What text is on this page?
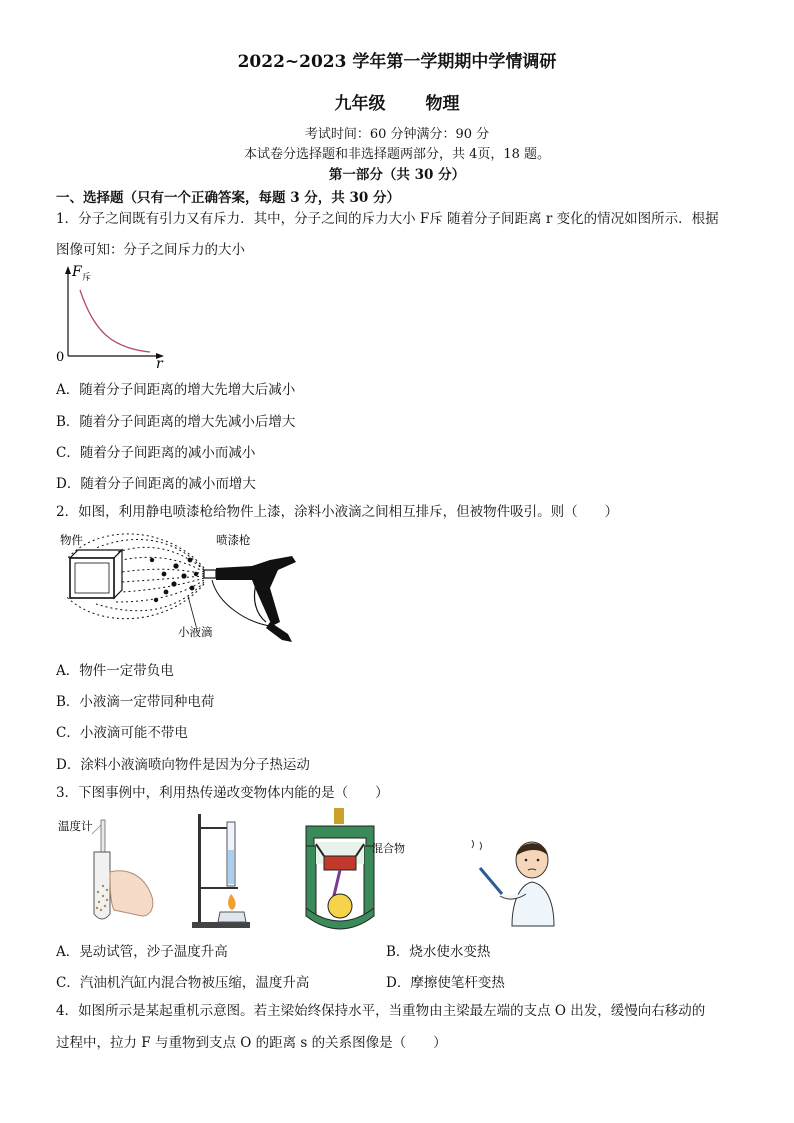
2022~2023 学年第一学期期中学情调研
九年级 物理
考试时间：60 分钟满分：90 分
本试卷分选择题和非选择题两部分，共 4页，18 题。
第一部分（共 30 分）
一、选择题（只有一个正确答案，每题 3 分，共 30 分）
1．分子之间既有引力又有斥力．其中，分子之间的斥力大小 F斥 随着分子间距离 r 变化的情况如图所示．根据
图像可知：分子之间斥力的大小
F 斥
r
0
A．随着分子间距离的增大先增大后减小
B．随着分子间距离的增大先减小后增大
C．随着分子间距离的减小而减小
D．随着分子间距离的减小而增大
2．如图，利用静电喷漆枪给物件上漆，涂料小液滴之间相互排斥，但被物件吸引。则（　　）
物件	喷漆枪
小液滴
A．物件一定带负电
B．小液滴一定带同种电荷
C．小液滴可能不带电
D．涂料小液滴喷向物件是因为分子热运动
3．下图事例中，利用热传递改变物体内能的是（　　）
温度计
混合物
A．晃动试管，沙子温度升高	B．烧水使水变热
C．汽油机汽缸内混合物被压缩，温度升高	D．摩擦使笔杆变热
4．如图所示是某起重机示意图。若主梁始终保持水平，当重物由主梁最左端的支点 O 出发，缓慢向右移动的
过程中，拉力 F 与重物到支点 O 的距离 s 的关系图像是（　　）
